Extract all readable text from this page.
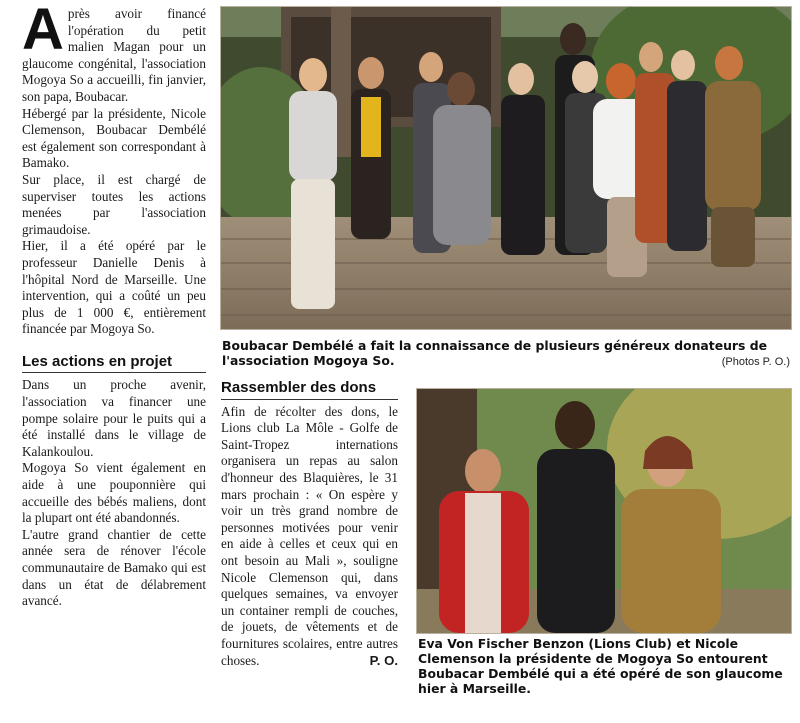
A près avoir financé l'opération du petit malien Magan pour un glaucome congénital, l'association Mogoya So a accueilli, fin janvier, son papa, Boubacar.

Hébergé par la présidente, Nicole Clemenson, Boubacar Dembélé est également son correspondant à Bamako.

Sur place, il est chargé de superviser toutes les actions menées par l'association grimaudoise.

Hier, il a été opéré par le professeur Danielle Denis à l'hôpital Nord de Marseille. Une intervention, qui a coûté un peu plus de 1 000 €, entièrement financée par Mogoya So.

Les actions en projet

Dans un proche avenir, l'association va financer une pompe solaire pour le puits qui a été installé dans le village de Kalankoulou.

Mogoya So vient également en aide à une pouponnière qui accueille des bébés maliens, dont la plupart ont été abandonnés.

L'autre grand chantier de cette année sera de rénover l'école communautaire de Bamako qui est dans un état de délabrement avancé.

Boubacar Dembélé a fait la connaissance de plusieurs généreux donateurs de l'association Mogoya So.	(Photos P. O.)
Rassembler des dons

Afin de récolter des dons, le Lions club La Môle - Golfe de Saint-Tropez internations organisera un repas au salon d'honneur des Blaquières, le 31 mars prochain : « On espère y voir un très grand nombre de personnes motivées pour venir en aide à celles et ceux qui en ont besoin au Mali », souligne Nicole Clemenson qui, dans quelques semaines, va envoyer un container rempli de couches, de jouets, de vêtements et de fournitures scolaires, entre autres choses.	P. O.

Eva Von Fischer Benzon (Lions Club) et Nicole Clemenson la présidente de Mogoya So entourent Boubacar Dembélé qui a été opéré de son glaucome hier à Marseille.
